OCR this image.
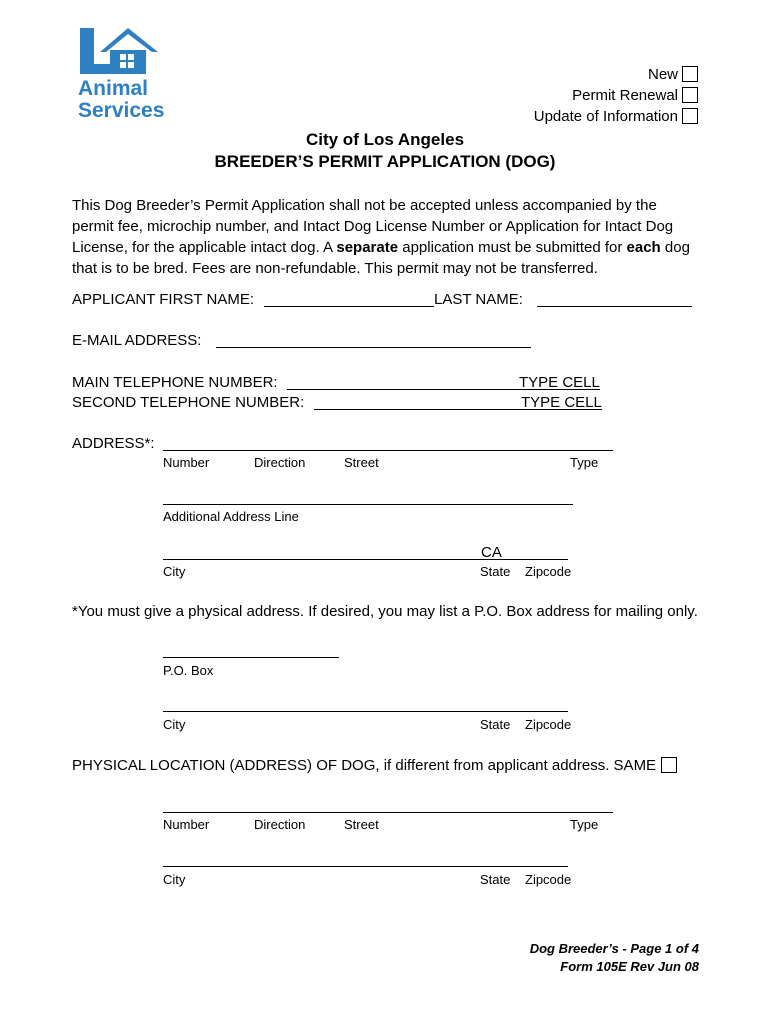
Animal
Services
New
Permit Renewal
Update of Information
City of Los Angeles
BREEDER’S PERMIT APPLICATION (DOG)
This Dog Breeder’s Permit Application shall not be accepted unless accompanied by the permit fee, microchip number, and Intact Dog License Number or Application for Intact Dog License, for the applicable intact dog. A separate application must be submitted for each dog that is to be bred. Fees are non-refundable. This permit may not be transferred.
APPLICANT FIRST NAME:	LAST NAME:
E-MAIL ADDRESS:
MAIN TELEPHONE NUMBER:	TYPE CELL
SECOND TELEPHONE NUMBER:	TYPE CELL
ADDRESS*:
Number	Direction	Street	Type
Additional Address Line
CA
City	State Zipcode
*You must give a physical address. If desired, you may list a P.O. Box address for mailing only.
P.O. Box
City	State Zipcode
PHYSICAL LOCATION (ADDRESS) OF DOG, if different from applicant address. SAME
Number	Direction	Street	Type
City	State Zipcode
Dog Breeder’s - Page 1 of 4
Form 105E Rev Jun 08
